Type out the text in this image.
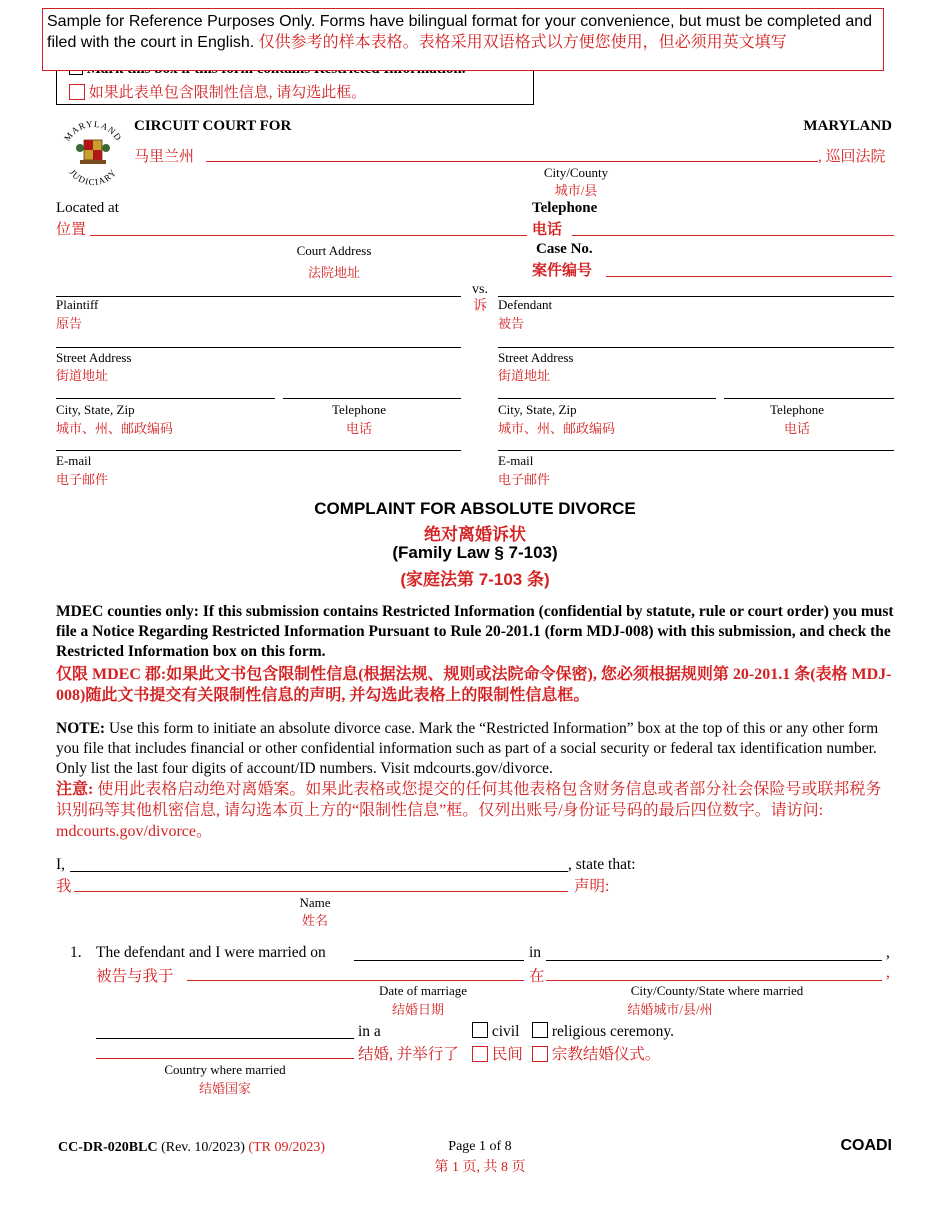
如果此表单包含限制性信息, 请勾选此框。
Sample for Reference Purposes Only. Forms have bilingual format for your convenience, but must be completed and filed with the court in English. 仅供参考的样本表格。表格采用双语格式以方便您使用，但必须用英文填写
MARYLAND
JUDICIARY
CIRCUIT COURT FOR	MARYLAND
马里兰州	, 巡回法院
City/County
城市/县
Located at
位置
Telephone
电话
Court Address
法院地址
Case No.
案件编号
vs.
诉
Plaintiff
原告
Defendant
被告
Street Address
街道地址
Street Address
街道地址
City, State, Zip
城市、州、邮政编码
Telephone
电话
City, State, Zip
城市、州、邮政编码
Telephone
电话
E-mail
电子邮件
E-mail
电子邮件
COMPLAINT FOR ABSOLUTE DIVORCE
绝对离婚诉状
(Family Law § 7-103)
(家庭法第 7-103 条)
MDEC counties only: If this submission contains Restricted Information (confidential by statute, rule or court order) you must file a Notice Regarding Restricted Information Pursuant to Rule 20-201.1 (form MDJ-008) with this submission, and check the Restricted Information box on this form.
仅限 MDEC 郡:如果此文书包含限制性信息(根据法规、规则或法院命令保密), 您必须根据规则第 20-201.1 条(表格 MDJ-008)随此文书提交有关限制性信息的声明, 并勾选此表格上的限制性信息框。
NOTE: Use this form to initiate an absolute divorce case. Mark the “Restricted Information” box at the top of this or any other form you file that includes financial or other confidential information such as part of a social security or federal tax identification number. Only list the last four digits of account/ID numbers. Visit mdcourts.gov/divorce.
注意: 使用此表格启动绝对离婚案。如果此表格或您提交的任何其他表格包含财务信息或者部分社会保险号或联邦税务识别码等其他机密信息, 请勾选本页上方的“限制性信息”框。仅列出账号/身份证号码的最后四位数字。请访问: mdcourts.gov/divorce。
I,	, state that:
我	声明:
Name
姓名
1. The defendant and I were married on	in	,
被告与我于	在	,
Date of marriage
结婚日期
City/County/State where married
结婚城市/县/州
in a	civil	religious ceremony.
结婚, 并举行了	民间	宗教结婚仪式。
Country where married
结婚国家
CC-DR-020BLC (Rev. 10/2023) (TR 09/2023)	Page 1 of 8
第 1 页, 共 8 页
COADI
